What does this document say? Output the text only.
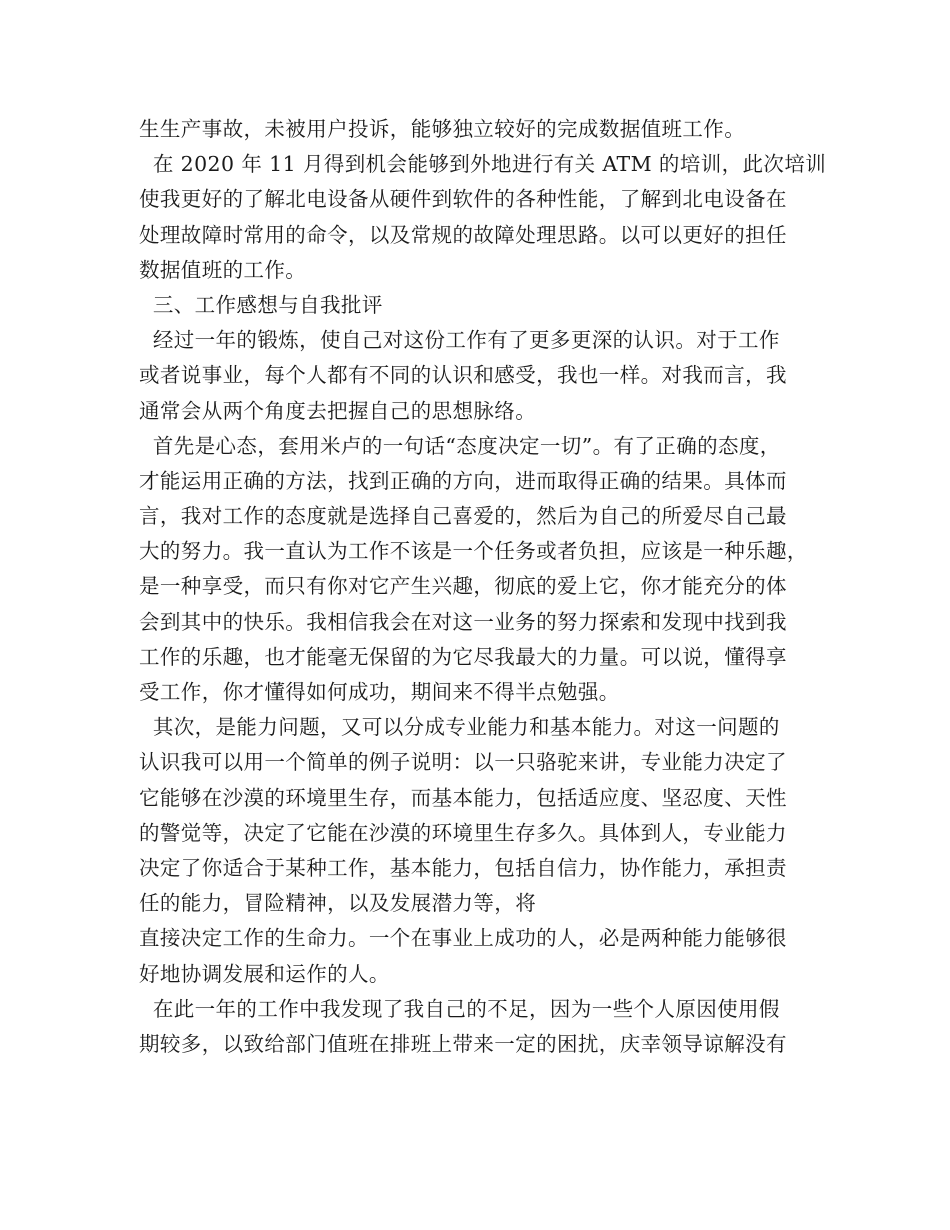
生生产事故，未被用户投诉，能够独立较好的完成数据值班工作。
在 2020 年 11 月得到机会能够到外地进行有关 ATM 的培训，此次培训
使我更好的了解北电设备从硬件到软件的各种性能，了解到北电设备在
处理故障时常用的命令，以及常规的故障处理思路。以可以更好的担任
数据值班的工作。
三、工作感想与自我批评
经过一年的锻炼，使自己对这份工作有了更多更深的认识。对于工作
或者说事业，每个人都有不同的认识和感受，我也一样。对我而言，我
通常会从两个角度去把握自己的思想脉络。
首先是心态，套用米卢的一句话“态度决定一切”。有了正确的态度，
才能运用正确的方法，找到正确的方向，进而取得正确的结果。具体而
言，我对工作的态度就是选择自己喜爱的，然后为自己的所爱尽自己最
大的努力。我一直认为工作不该是一个任务或者负担，应该是一种乐趣，
是一种享受，而只有你对它产生兴趣，彻底的爱上它，你才能充分的体
会到其中的快乐。我相信我会在对这一业务的努力探索和发现中找到我
工作的乐趣，也才能毫无保留的为它尽我最大的力量。可以说，懂得享
受工作，你才懂得如何成功，期间来不得半点勉强。
其次，是能力问题，又可以分成专业能力和基本能力。对这一问题的
认识我可以用一个简单的例子说明：以一只骆驼来讲，专业能力决定了
它能够在沙漠的环境里生存，而基本能力，包括适应度、坚忍度、天性
的警觉等，决定了它能在沙漠的环境里生存多久。具体到人，专业能力
决定了你适合于某种工作，基本能力，包括自信力，协作能力，承担责
任的能力，冒险精神，以及发展潜力等，将
直接决定工作的生命力。一个在事业上成功的人，必是两种能力能够很
好地协调发展和运作的人。
在此一年的工作中我发现了我自己的不足，因为一些个人原因使用假
期较多，以致给部门值班在排班上带来一定的困扰，庆幸领导谅解没有
